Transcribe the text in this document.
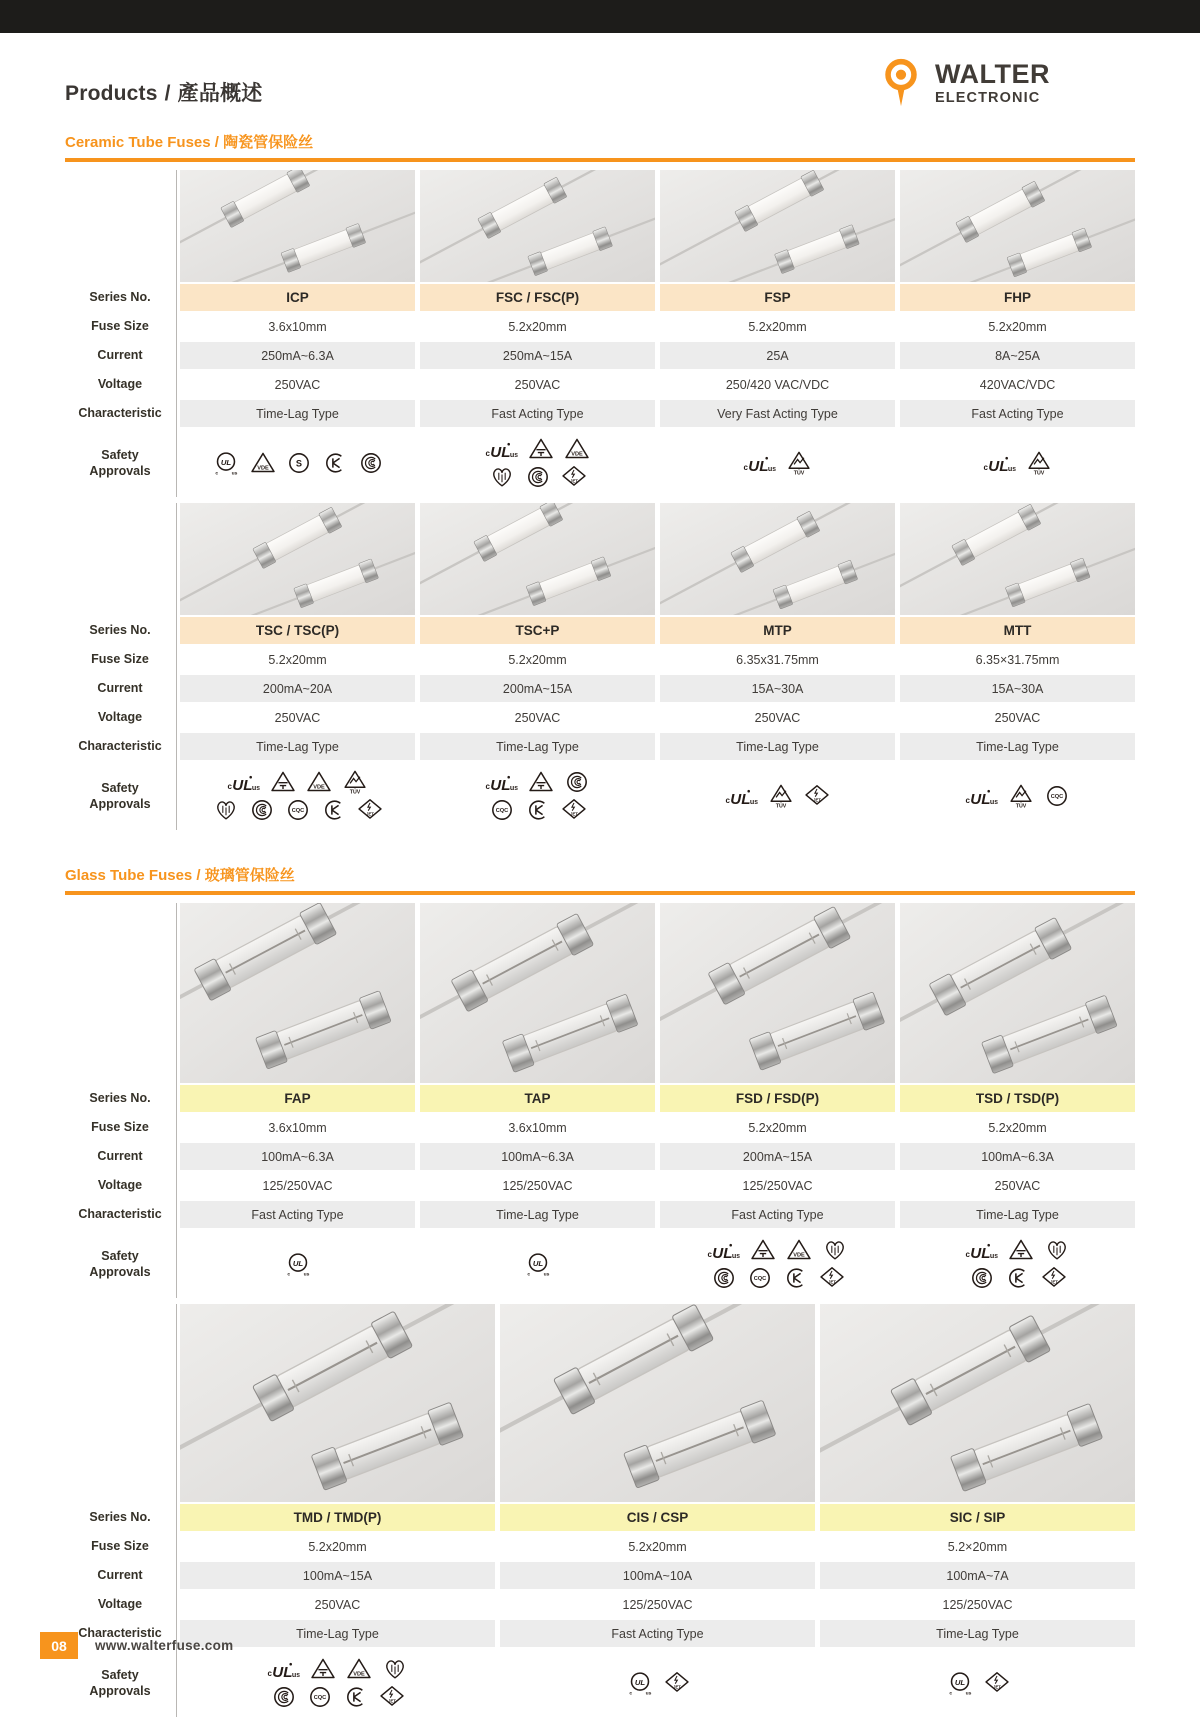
Products / 產品概述
WALTER
ELECTRONIC
Ceramic Tube Fuses / 陶瓷管保险丝
Series No.	ICP	FSC / FSC(P)	FSP	FHP
Fuse Size	3.6x10mm	5.2x20mm	5.2x20mm	5.2x20mm
Current	250mA~6.3A	250mA~15A	25A	8A~25A
Voltage	250VAC	250VAC	250/420 VAC/VDC	420VAC/VDC
Characteristic	Time-Lag Type	Fast Acting Type	Very Fast Acting Type	Fast Acting Type
Safety
Approvals
Series No.	TSC / TSC(P)	TSC+P	MTP	MTT
Fuse Size	5.2x20mm	5.2x20mm	6.35x31.75mm	6.35×31.75mm
Current	200mA~20A	200mA~15A	15A~30A	15A~30A
Voltage	250VAC	250VAC	250VAC	250VAC
Characteristic	Time-Lag Type	Time-Lag Type	Time-Lag Type	Time-Lag Type
Safety
Approvals
Glass Tube Fuses / 玻璃管保险丝
Series No.	FAP	TAP	FSD / FSD(P)	TSD / TSD(P)
Fuse Size	3.6x10mm	3.6x10mm	5.2x20mm	5.2x20mm
Current	100mA~6.3A	100mA~6.3A	200mA~15A	100mA~6.3A
Voltage	125/250VAC	125/250VAC	125/250VAC	250VAC
Characteristic	Fast Acting Type	Time-Lag Type	Fast Acting Type	Time-Lag Type
Safety
Approvals
Series No.	TMD / TMD(P)	CIS / CSP	SIC / SIP
Fuse Size	5.2x20mm	5.2x20mm	5.2×20mm
Current	100mA~15A	100mA~10A	100mA~7A
Voltage	250VAC	125/250VAC	125/250VAC
Characteristic	Time-Lag Type	Fast Acting Type	Time-Lag Type
Safety
Approvals
08	www.walterfuse.com
